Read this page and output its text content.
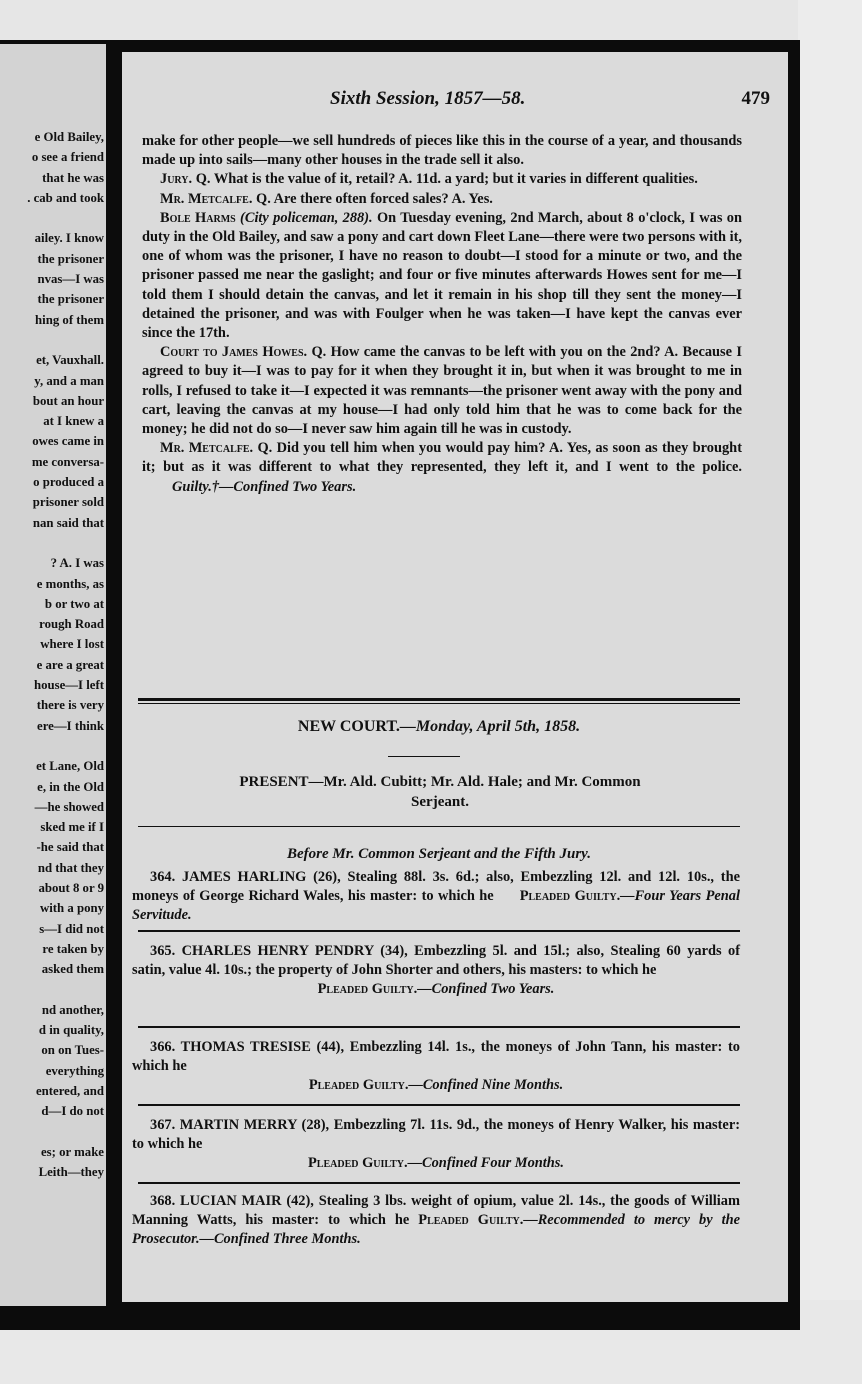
e Old Bailey,
o see a friend
that he was
. cab and took
ailey. I know
the prisoner
nvas—I was
the prisoner
hing of them
et, Vauxhall.
y, and a man
bout an hour
at I knew a
owes came in
me conversa-
o produced a
prisoner sold
nan said that
? A. I was
e months, as
b or two at
rough Road
where I lost
e are a great
house—I left
there is very
ere—I think
et Lane, Old
e, in the Old
—he showed
sked me if I
-he said that
nd that they
about 8 or 9
with a pony
s—I did not
re taken by
asked them
nd another,
d in quality,
on on Tues-
everything
entered, and
d—I do not
es; or make
Leith—they
Sixth Session, 1857—58.	479

make for other people—we sell hundreds of pieces like this in the course of a year, and thousands made up into sails—many other houses in the trade sell it also.

Jury. Q. What is the value of it, retail? A. 11d. a yard; but it varies in different qualities.

Mr. Metcalfe. Q. Are there often forced sales? A. Yes.

Bole Harms (City policeman, 288). On Tuesday evening, 2nd March, about 8 o'clock, I was on duty in the Old Bailey, and saw a pony and cart down Fleet Lane—there were two persons with it, one of whom was the prisoner, I have no reason to doubt—I stood for a minute or two, and the prisoner passed me near the gaslight; and four or five minutes afterwards Howes sent for me—I told them I should detain the canvas, and let it remain in his shop till they sent the money—I detained the prisoner, and was with Foulger when he was taken—I have kept the canvas ever since the 17th.

Court to James Howes. Q. How came the canvas to be left with you on the 2nd? A. Because I agreed to buy it—I was to pay for it when they brought it in, but when it was brought to me in rolls, I refused to take it—I expected it was remnants—the prisoner went away with the pony and cart, leaving the canvas at my house—I had only told him that he was to come back for the money; he did not do so—I never saw him again till he was in custody.

Mr. Metcalfe. Q. Did you tell him when you would pay him? A. Yes, as soon as they brought it; but as it was different to what they represented, they left it, and I went to the police. Guilty.†—Confined Two Years.

NEW COURT.—Monday, April 5th, 1858.
PRESENT—Mr. Ald. Cubitt; Mr. Ald. Hale; and Mr. Common
Serjeant.
Before Mr. Common Serjeant and the Fifth Jury.

364. JAMES HARLING (26), Stealing 88l. 3s. 6d.; also, Embezzling 12l. and 12l. 10s., the moneys of George Richard Wales, his master: to which he Pleaded Guilty.—Four Years Penal Servitude.

365. CHARLES HENRY PENDRY (34), Embezzling 5l. and 15l.; also, Stealing 60 yards of satin, value 4l. 10s.; the property of John Shorter and others, his masters: to which he

Pleaded Guilty.—Confined Two Years.

366. THOMAS TRESISE (44), Embezzling 14l. 1s., the moneys of John Tann, his master: to which he

Pleaded Guilty.—Confined Nine Months.

367. MARTIN MERRY (28), Embezzling 7l. 11s. 9d., the moneys of Henry Walker, his master: to which he

Pleaded Guilty.—Confined Four Months.

368. LUCIAN MAIR (42), Stealing 3 lbs. weight of opium, value 2l. 14s., the goods of William Manning Watts, his master: to which he Pleaded Guilty.—Recommended to mercy by the Prosecutor.—Confined Three Months.
